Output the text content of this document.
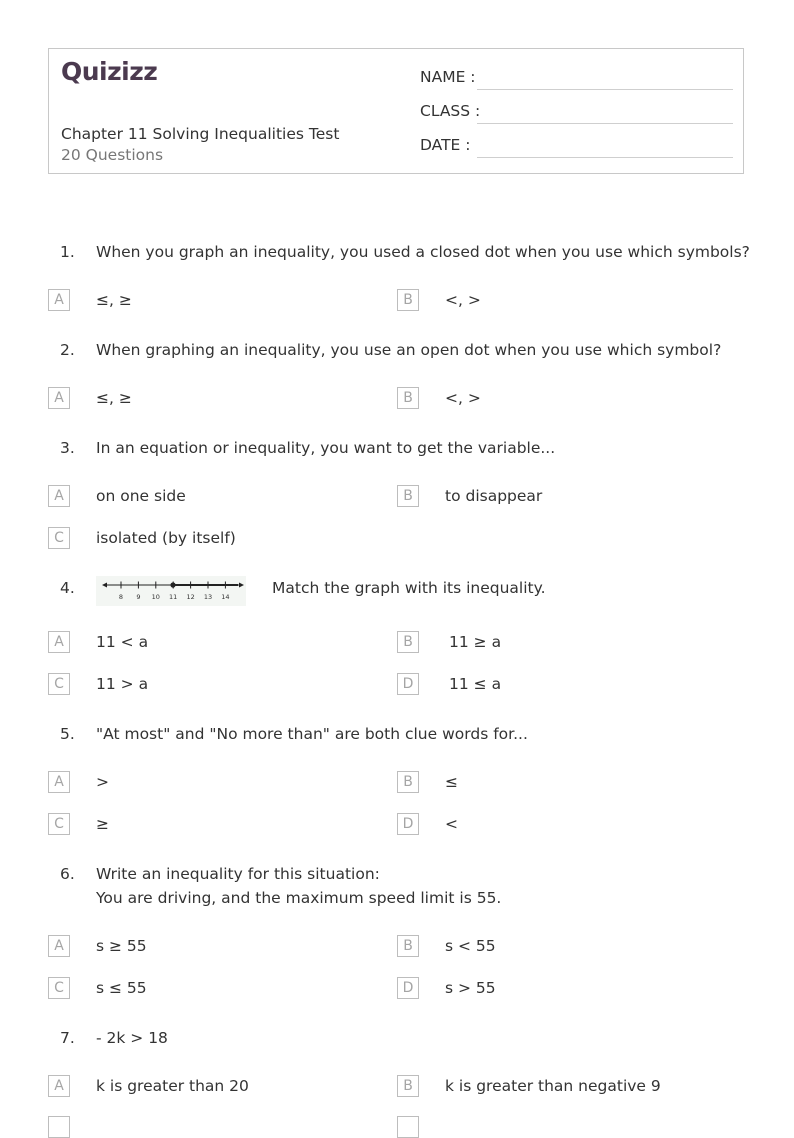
Quizizz
Chapter 11 Solving Inequalities Test
20 Questions
NAME :
CLASS :
DATE :
1. When you graph an inequality, you used a closed dot when you use which symbols?
A	≤, ≥	B	<, >
2. When graphing an inequality, you use an open dot when you use which symbol?
A	≤, ≥	B	<, >
3. In an equation or inequality, you want to get the variable...
A	on one side	B	to disappear
C	isolated (by itself)
4.	Match the graph with its inequality.
8 9 10 11 12 13 14
A	11 < a	B	11 ≥ a
C	11 > a	D	11 ≤ a
5. "At most" and "No more than" are both clue words for...
A	>	B	≤
C	≥	D	<
6. Write an inequality for this situation:
You are driving, and the maximum speed limit is 55.
A	s ≥ 55	B	s < 55
C	s ≤ 55	D	s > 55
7. - 2k > 18
A	k is greater than 20	B	k is greater than negative 9
